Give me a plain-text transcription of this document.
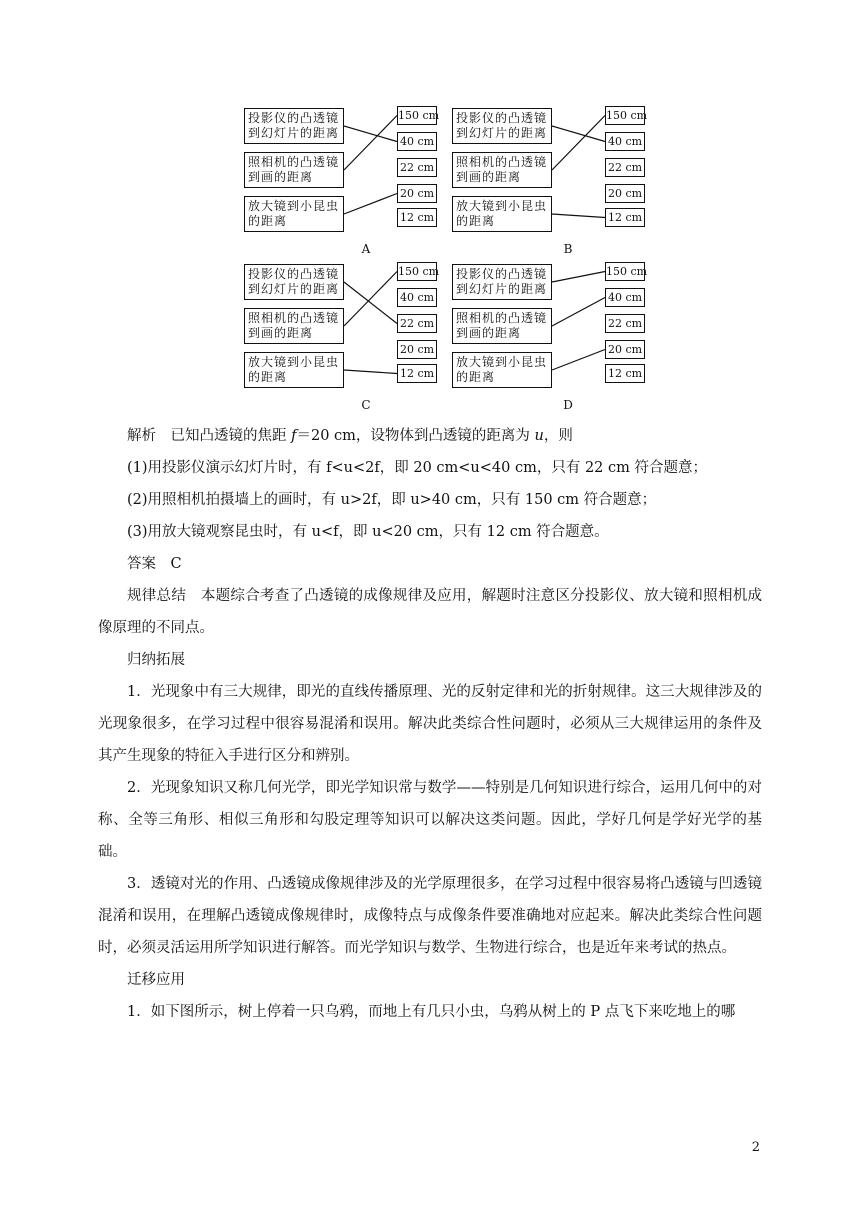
投影仪的凸透镜
到幻灯片的距离
照相机的凸透镜
到画的距离
放大镜到小昆虫
的距离
150 cm
40 cm
22 cm
20 cm
12 cm
A
投影仪的凸透镜
到幻灯片的距离
照相机的凸透镜
到画的距离
放大镜到小昆虫
的距离
150 cm
40 cm
22 cm
20 cm
12 cm
B
投影仪的凸透镜
到幻灯片的距离
照相机的凸透镜
到画的距离
放大镜到小昆虫
的距离
150 cm
40 cm
22 cm
20 cm
12 cm
C
投影仪的凸透镜
到幻灯片的距离
照相机的凸透镜
到画的距离
放大镜到小昆虫
的距离
150 cm
40 cm
22 cm
20 cm
12 cm
D

解析　已知凸透镜的焦距 f＝20 cm，设物体到凸透镜的距离为 u，则

(1)用投影仪演示幻灯片时，有 f<u<2f，即 20 cm<u<40 cm，只有 22 cm 符合题意；

(2)用照相机拍摄墙上的画时，有 u>2f，即 u>40 cm，只有 150 cm 符合题意；

(3)用放大镜观察昆虫时，有 u<f，即 u<20 cm，只有 12 cm 符合题意。

答案　C

规律总结　本题综合考查了凸透镜的成像规律及应用，解题时注意区分投影仪、放大镜和照相机成像原理的不同点。

归纳拓展

1．光现象中有三大规律，即光的直线传播原理、光的反射定律和光的折射规律。这三大规律涉及的光现象很多，在学习过程中很容易混淆和误用。解决此类综合性问题时，必须从三大规律运用的条件及其产生现象的特征入手进行区分和辨别。

2．光现象知识又称几何光学，即光学知识常与数学——特别是几何知识进行综合，运用几何中的对称、全等三角形、相似三角形和勾股定理等知识可以解决这类问题。因此，学好几何是学好光学的基础。

3．透镜对光的作用、凸透镜成像规律涉及的光学原理很多，在学习过程中很容易将凸透镜与凹透镜混淆和误用，在理解凸透镜成像规律时，成像特点与成像条件要准确地对应起来。解决此类综合性问题时，必须灵活运用所学知识进行解答。而光学知识与数学、生物进行综合，也是近年来考试的热点。

迁移应用

1．如下图所示，树上停着一只乌鸦，而地上有几只小虫，乌鸦从树上的 P 点飞下来吃地上的哪

2
